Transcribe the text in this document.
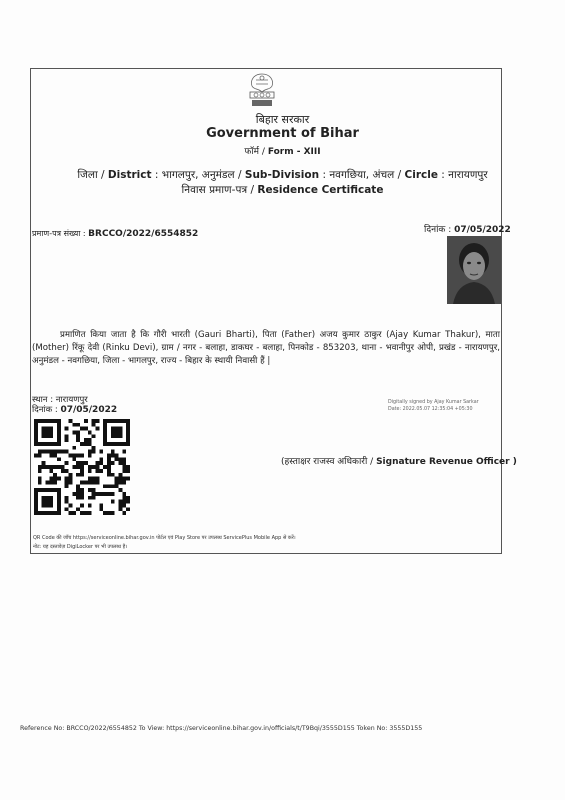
बिहार सरकार
Government of Bihar
फॉर्म / Form - XIII
जिला / District : भागलपुर, अनुमंडल / Sub-Division : नवगछिया, अंचल / Circle : नारायणपुर
निवास प्रमाण-पत्र / Residence Certificate
प्रमाण-पत्र संख्या : BRCCO/2022/6554852	दिनांक : 07/05/2022
प्रमाणित किया जाता है कि गौरी भारती (Gauri Bharti), पिता (Father) अजय कुमार ठाकुर (Ajay Kumar Thakur), माता (Mother) रिंकू देवी (Rinku Devi), ग्राम / नगर - बलाहा, डाकघर - बलाहा, पिनकोड - 853203, थाना - भवानीपुर ओपी, प्रखंड - नारायणपुर, अनुमंडल - नवगछिया, जिला - भागलपुर, राज्य - बिहार के स्थायी निवासी हैं |
स्थान : नारायणपुर
दिनांक : 07/05/2022
Digitally signed by Ajay Kumar Sarkar
Date: 2022.05.07 12:35:04 +05:30
(हस्ताक्षर राजस्व अधिकारी / Signature Revenue Officer )
QR Code की जाँच https://serviceonline.bihar.gov.in पोर्टल एवं Play Store पर उपलब्ध ServicePlus Mobile App से करें।
नोट: यह दस्तावेज़ DigiLocker पर भी उपलब्ध है।
Reference No: BRCCO/2022/6554852 To View: https://serviceonline.bihar.gov.in/officials/t/T9Bqi/3555D155 Token No: 3555D155
